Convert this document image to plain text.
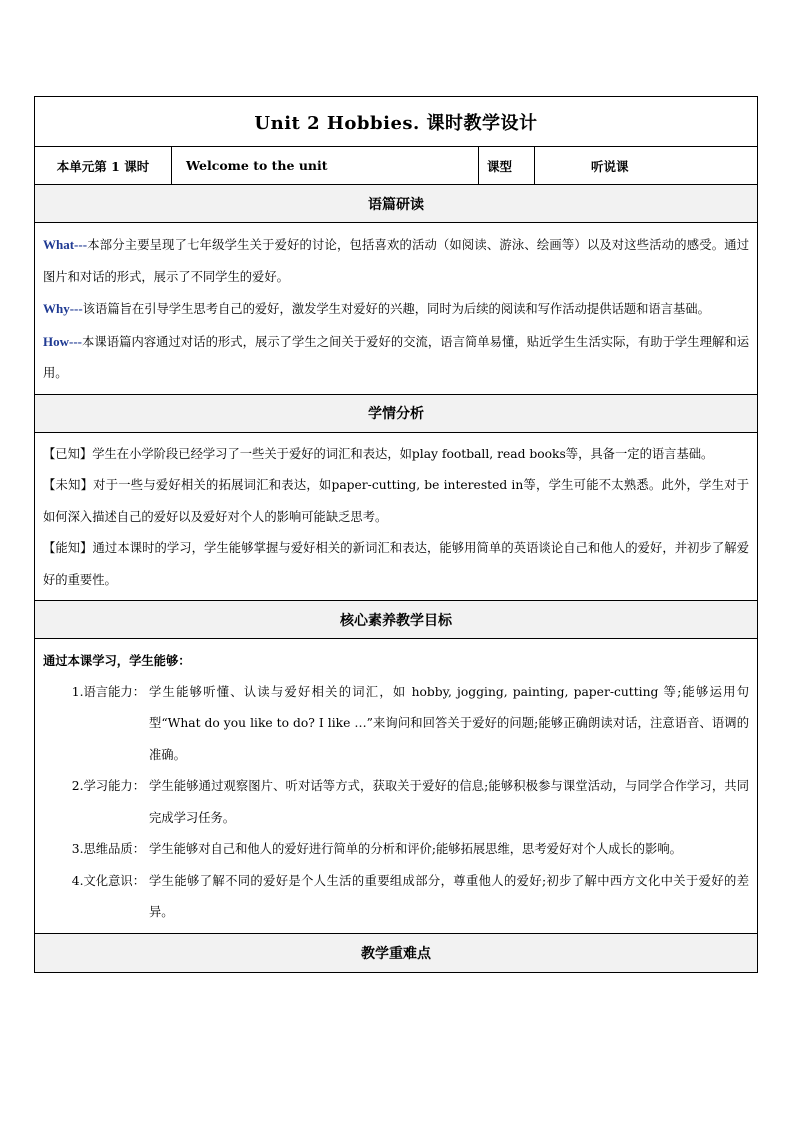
Unit 2 Hobbies. 课时教学设计
本单元第 1 课时	Welcome to the unit	课型	听说课
语篇研读

What---本部分主要呈现了七年级学生关于爱好的讨论，包括喜欢的活动（如阅读、游泳、绘画等）以及对这些活动的感受。通过图片和对话的形式，展示了不同学生的爱好。

Why---该语篇旨在引导学生思考自己的爱好，激发学生对爱好的兴趣，同时为后续的阅读和写作活动提供话题和语言基础。

How---本课语篇内容通过对话的形式，展示了学生之间关于爱好的交流，语言简单易懂，贴近学生生活实际，有助于学生理解和运用。

学情分析

【已知】学生在小学阶段已经学习了一些关于爱好的词汇和表达，如play football, read books等，具备一定的语言基础。

【未知】对于一些与爱好相关的拓展词汇和表达，如paper-cutting, be interested in等，学生可能不太熟悉。此外，学生对于如何深入描述自己的爱好以及爱好对个人的影响可能缺乏思考。

【能知】通过本课时的学习，学生能够掌握与爱好相关的新词汇和表达，能够用简单的英语谈论自己和他人的爱好，并初步了解爱好的重要性。

核心素养教学目标

通过本课学习，学生能够：

1.语言能力： 学生能够听懂、认读与爱好相关的词汇，如 hobby, jogging, painting, paper-cutting 等;能够运用句型“What do you like to do? I like …”来询问和回答关于爱好的问题;能够正确朗读对话，注意语音、语调的准确。
2.学习能力： 学生能够通过观察图片、听对话等方式，获取关于爱好的信息;能够积极参与课堂活动，与同学合作学习，共同完成学习任务。
3.思维品质： 学生能够对自己和他人的爱好进行简单的分析和评价;能够拓展思维，思考爱好对个人成长的影响。
4.文化意识： 学生能够了解不同的爱好是个人生活的重要组成部分，尊重他人的爱好;初步了解中西方文化中关于爱好的差异。
教学重难点
